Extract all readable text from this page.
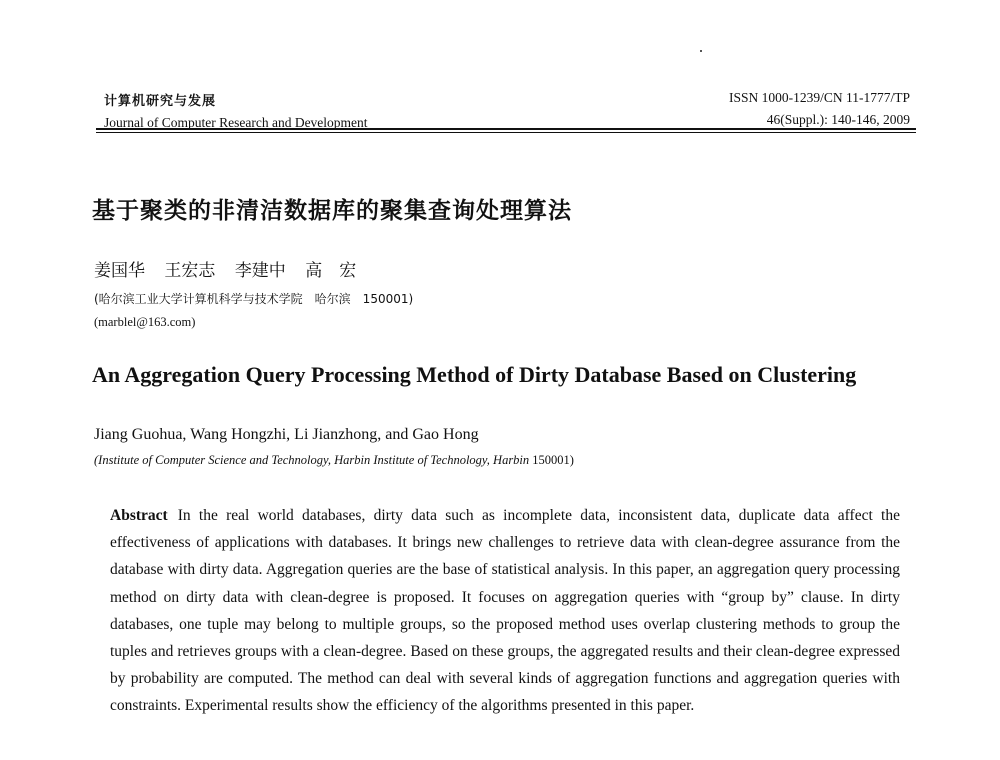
计算机研究与发展
Journal of Computer Research and Development
ISSN 1000-1239/CN 11-1777/TP
46(Suppl.): 140-146, 2009
基于聚类的非清洁数据库的聚集查询处理算法
姜国华 王宏志 李建中 高　宏
(哈尔滨工业大学计算机科学与技术学院　哈尔滨　150001)
(marblel@163.com)
An Aggregation Query Processing Method of Dirty Database Based on Clustering
Jiang Guohua, Wang Hongzhi, Li Jianzhong, and Gao Hong
(Institute of Computer Science and Technology, Harbin Institute of Technology, Harbin 150001)
Abstract In the real world databases, dirty data such as incomplete data, inconsistent data, duplicate data affect the effectiveness of applications with databases. It brings new challenges to retrieve data with clean-degree assurance from the database with dirty data. Aggregation queries are the base of statistical analysis. In this paper, an aggregation query processing method on dirty data with clean-degree is proposed. It focuses on aggregation queries with “group by” clause. In dirty databases, one tuple may belong to multiple groups, so the proposed method uses overlap clustering methods to group the tuples and retrieves groups with a clean-degree. Based on these groups, the aggregated results and their clean-degree expressed by probability are computed. The method can deal with several kinds of aggregation functions and aggregation queries with constraints. Experimental results show the efficiency of the algorithms presented in this paper.
